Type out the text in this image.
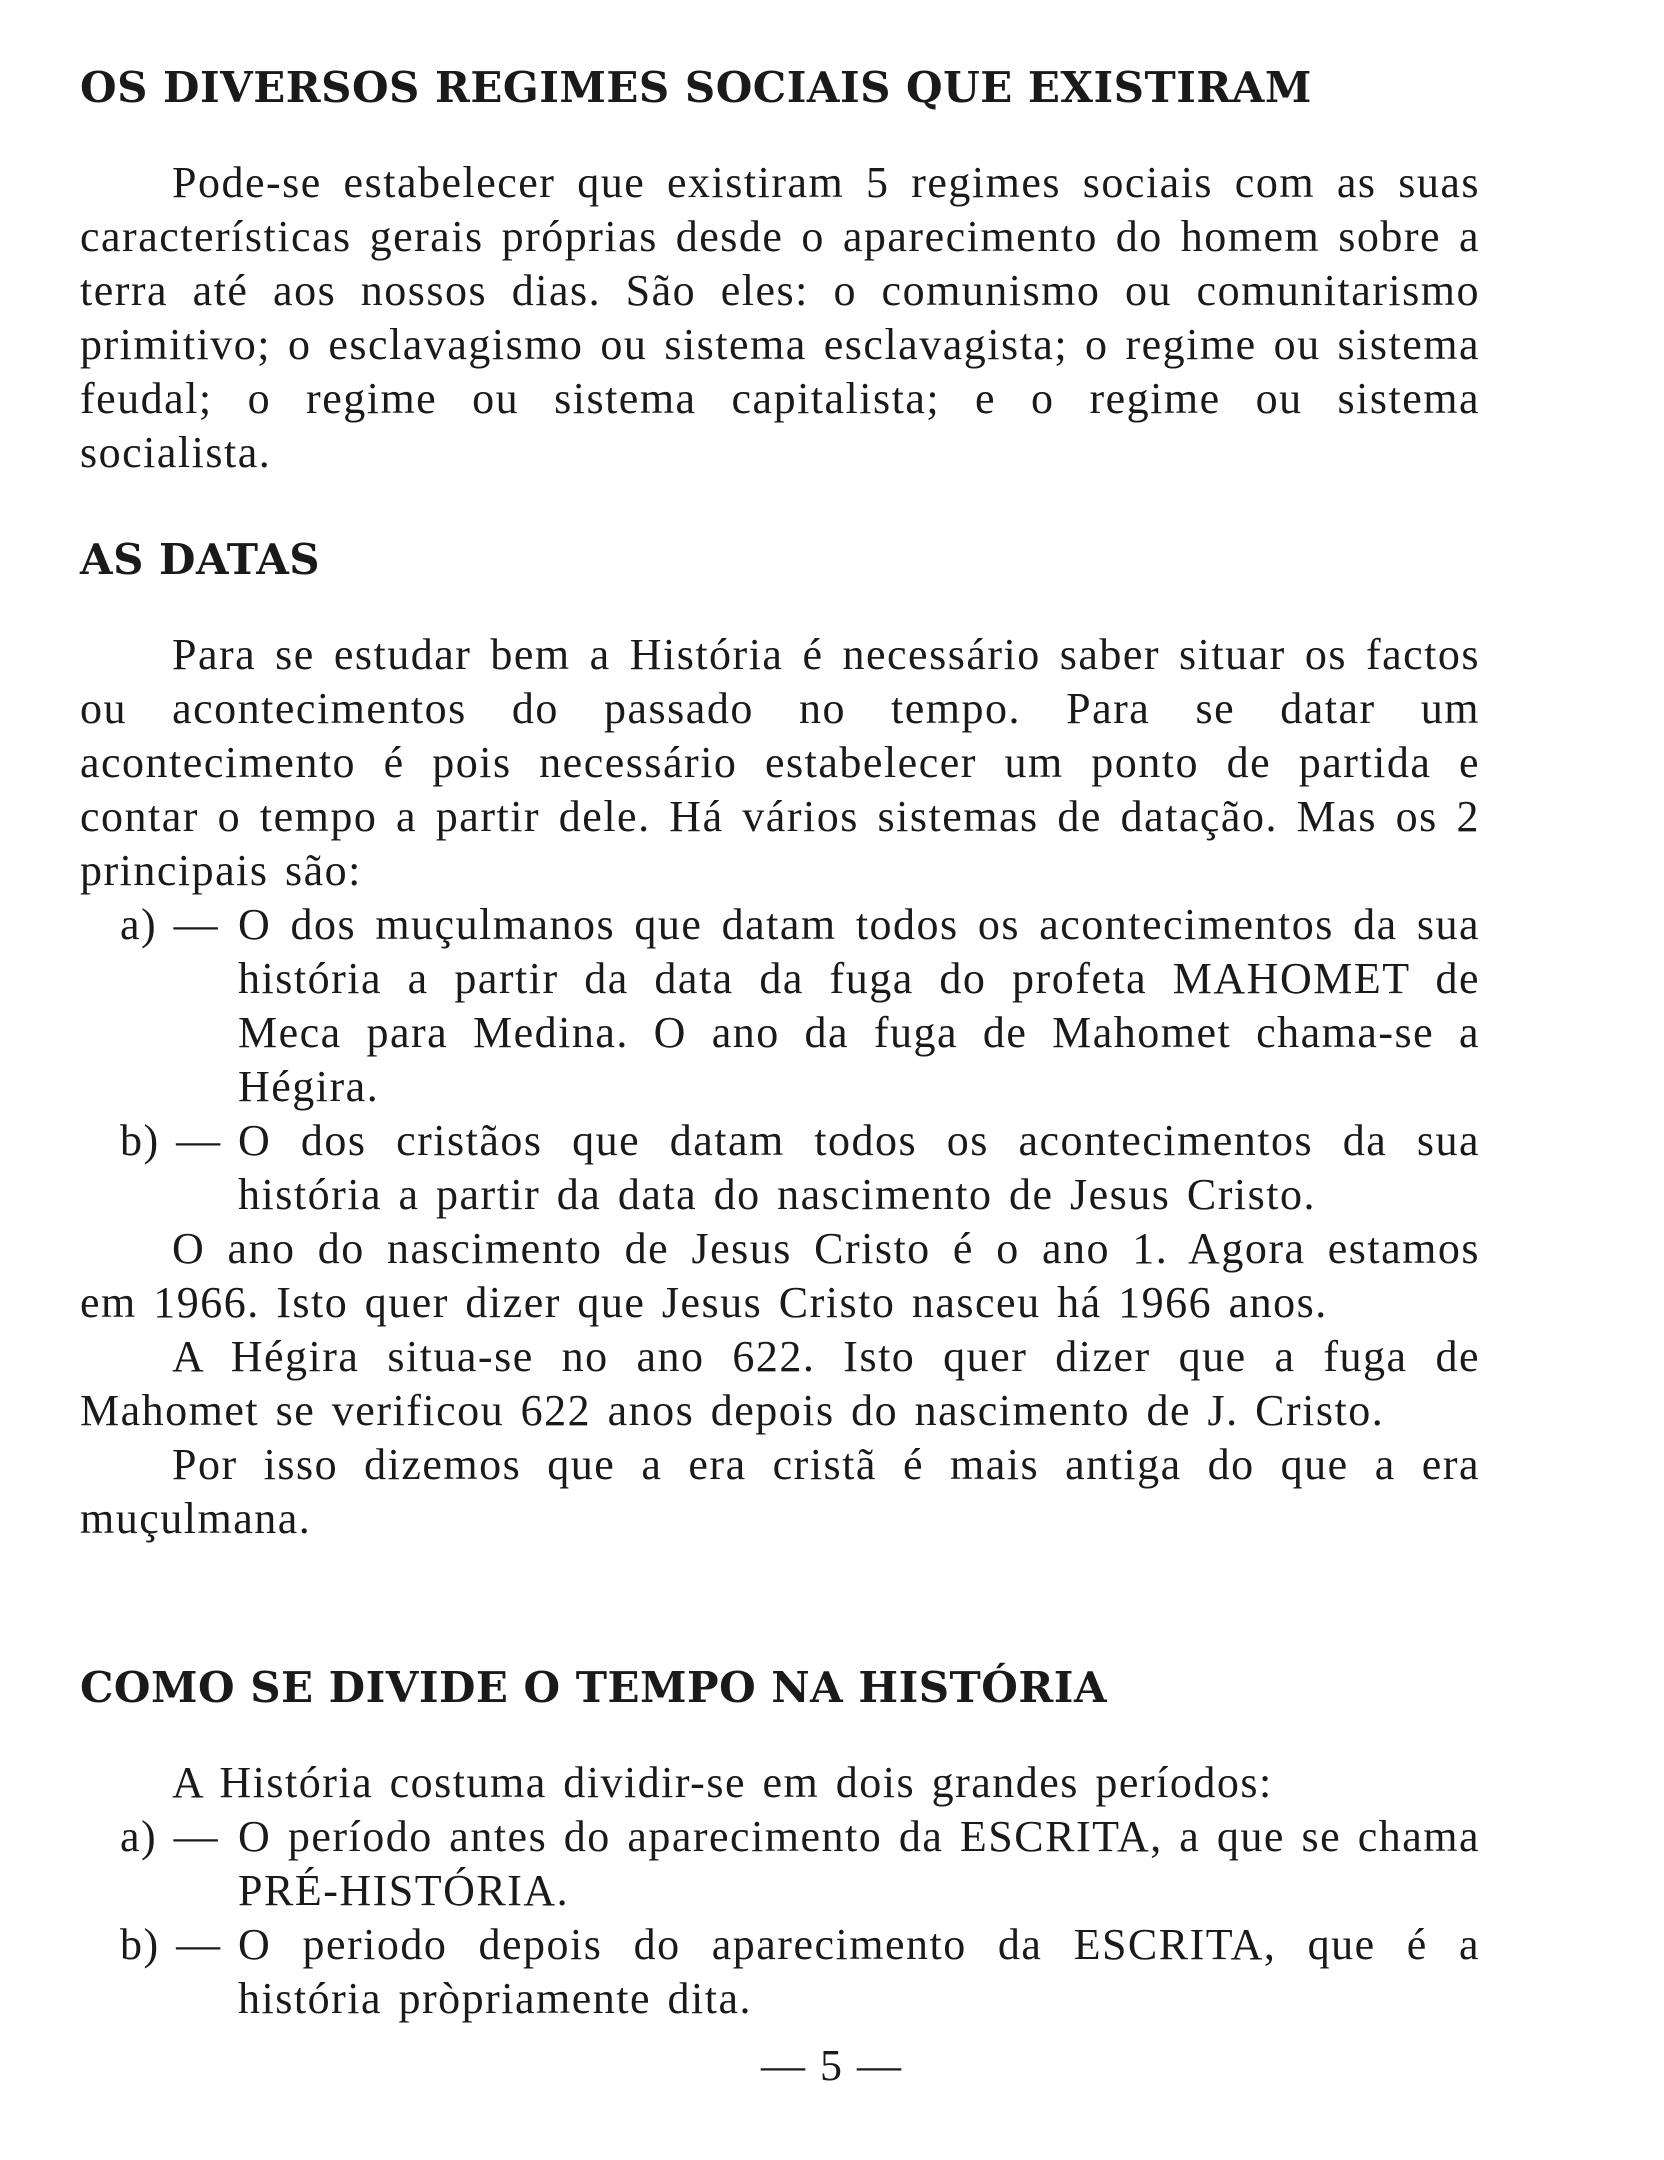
OS DIVERSOS REGIMES SOCIAIS QUE EXISTIRAM

Pode-se estabelecer que existiram 5 regimes sociais com as suas características gerais próprias desde o aparecimento do homem sobre a terra até aos nossos dias. São eles: o comunismo ou comunitarismo primitivo; o esclavagismo ou sistema esclavagista; o regime ou sistema feudal; o regime ou sistema capitalista; e o regime ou sistema socialista.

AS DATAS

Para se estudar bem a História é necessário saber situar os factos ou acontecimentos do passado no tempo. Para se datar um acontecimento é pois necessário estabelecer um ponto de partida e contar o tempo a partir dele. Há vários sistemas de datação. Mas os 2 principais são:

a) — O dos muçulmanos que datam todos os acontecimentos da sua história a partir da data da fuga do profeta MAHOMET de Meca para Medina. O ano da fuga de Mahomet chama-se a Hégira.
b) — O dos cristãos que datam todos os acontecimentos da sua história a partir da data do nascimento de Jesus Cristo.

O ano do nascimento de Jesus Cristo é o ano 1. Agora estamos em 1966. Isto quer dizer que Jesus Cristo nasceu há 1966 anos.

A Hégira situa-se no ano 622. Isto quer dizer que a fuga de Mahomet se verificou 622 anos depois do nascimento de J. Cristo.

Por isso dizemos que a era cristã é mais antiga do que a era muçulmana.

COMO SE DIVIDE O TEMPO NA HISTÓRIA

A História costuma dividir-se em dois grandes períodos:

a) — O período antes do aparecimento da ESCRITA, a que se chama PRÉ-HISTÓRIA.
b) — O periodo depois do aparecimento da ESCRITA, que é a história pròpriamente dita.
— 5 —
